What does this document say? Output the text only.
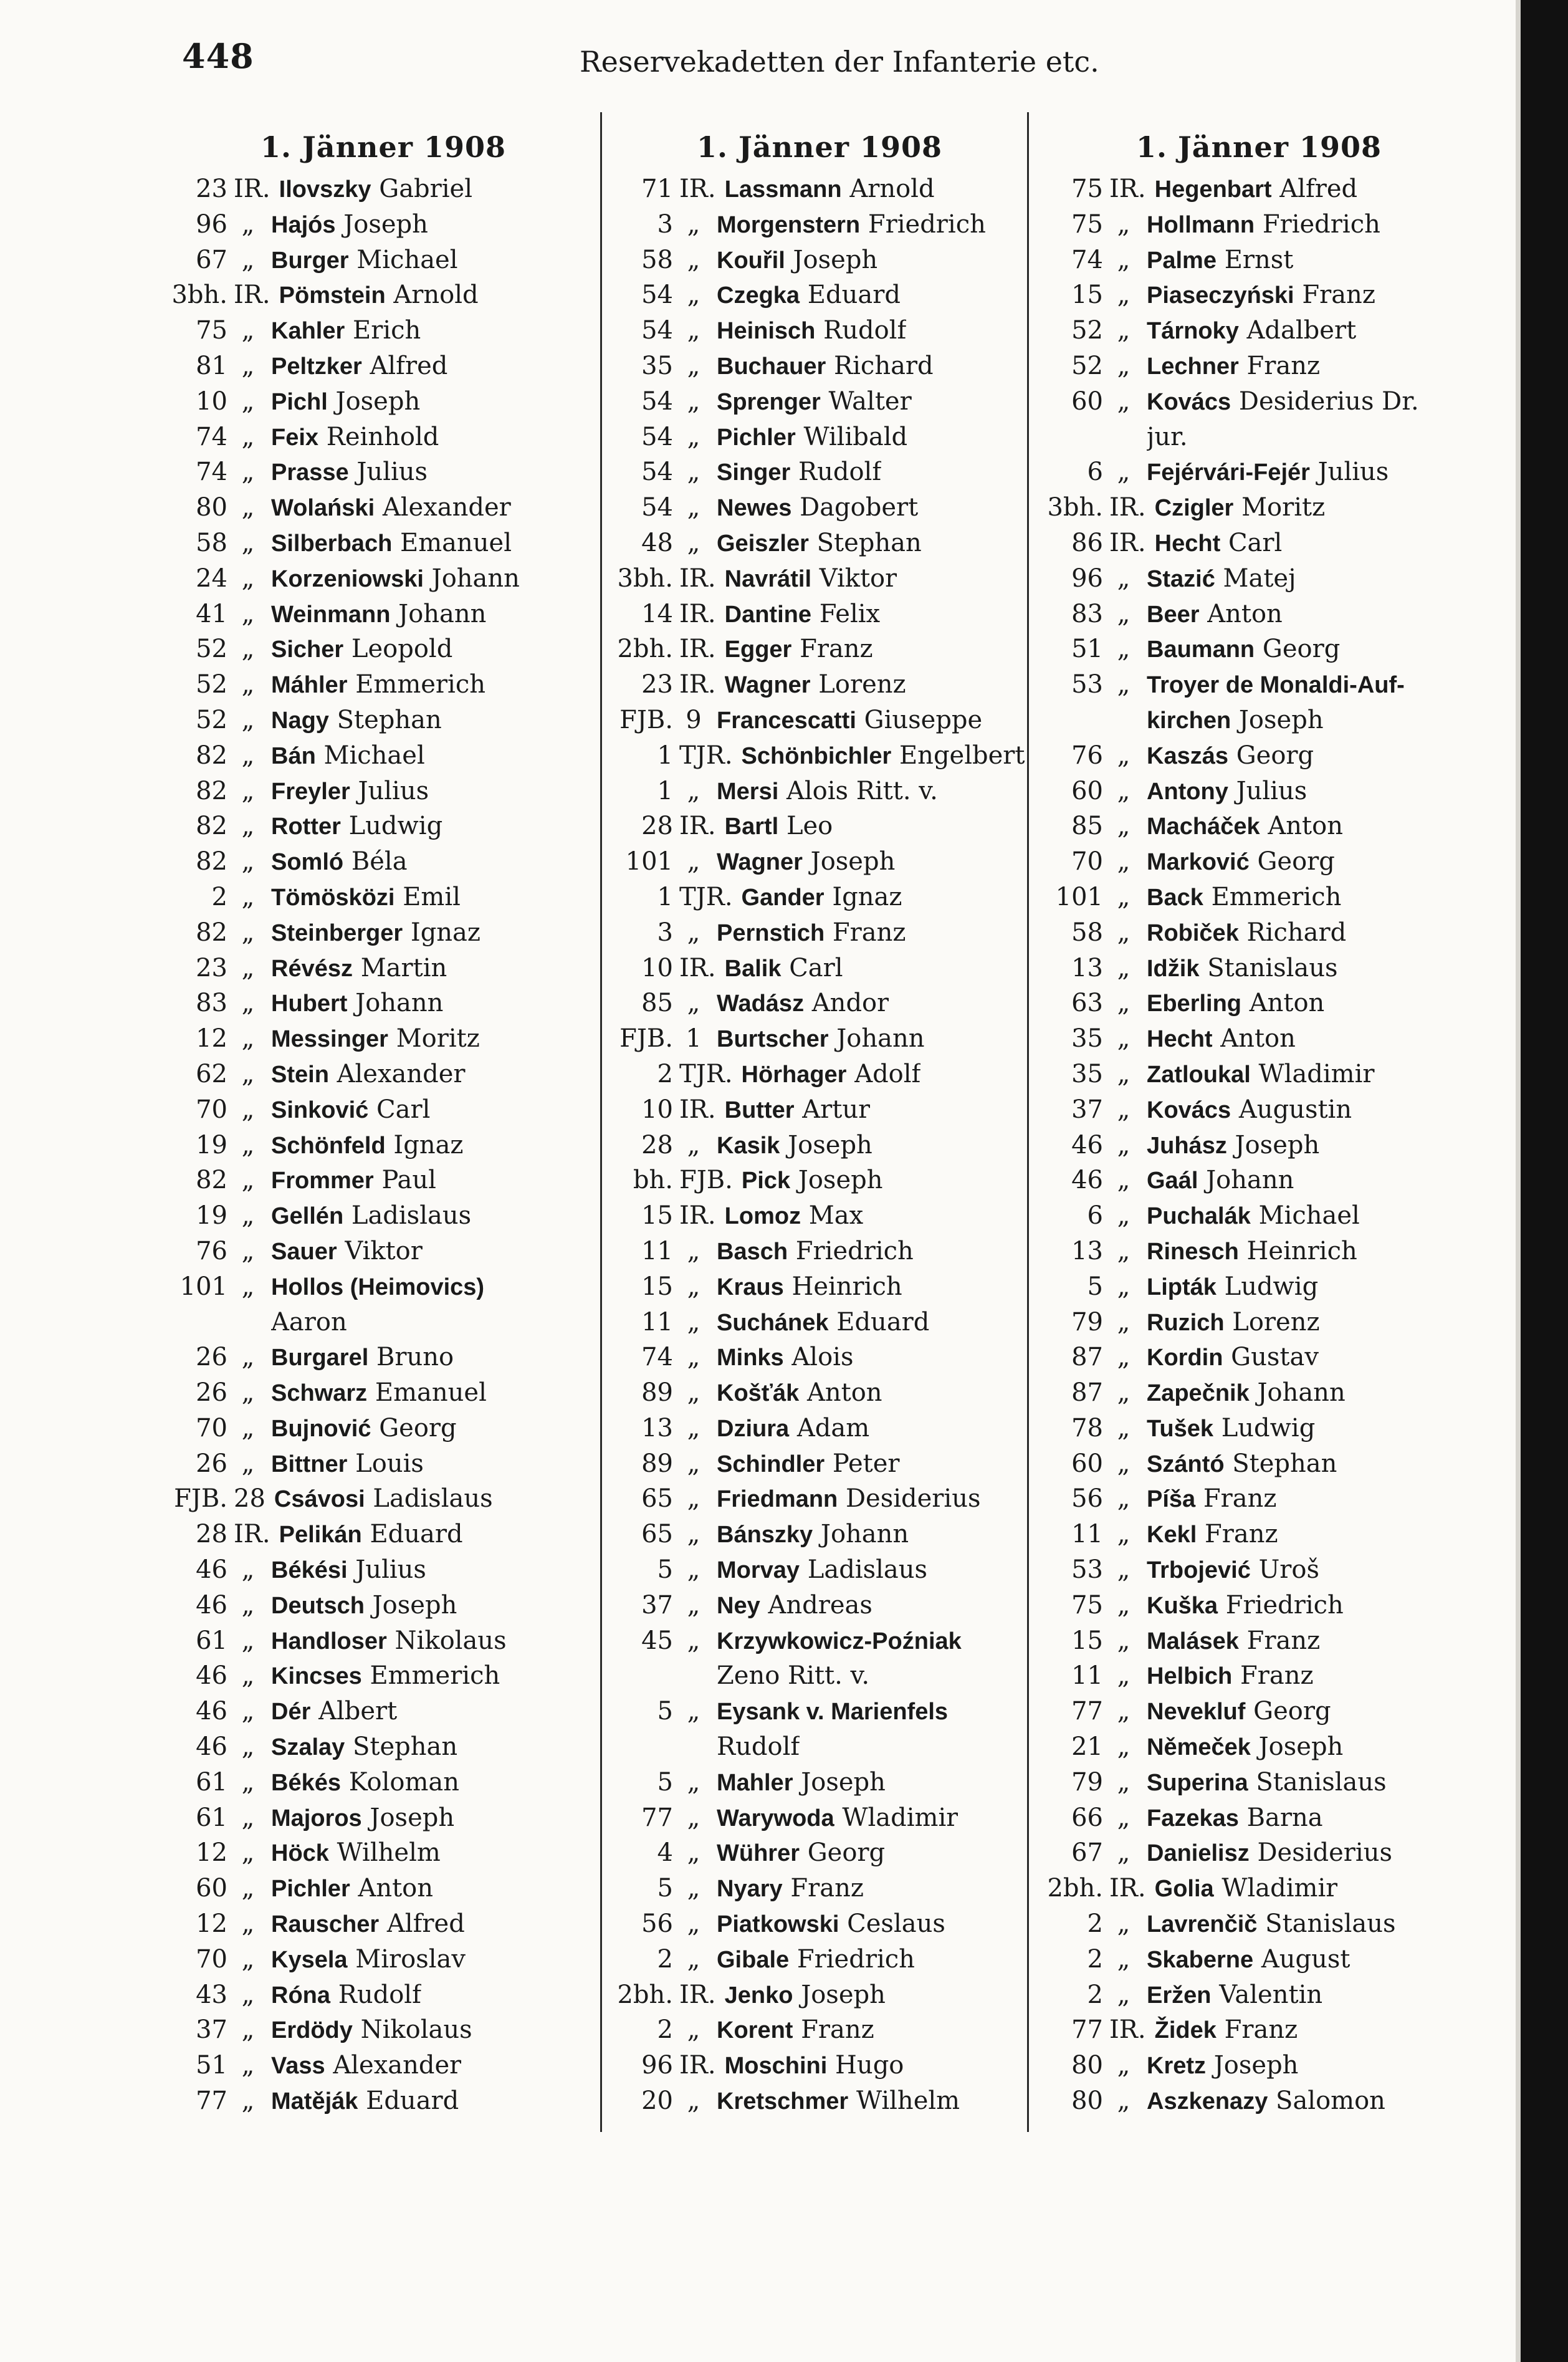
448	Reservekadetten der Infanterie etc.
1. Jänner 1908
23 IR. Ilovszky Gabriel
96 „ Hajós Joseph
67 „ Burger Michael
3bh. IR. Pömstein Arnold
75 „ Kahler Erich
81 „ Peltzker Alfred
10 „ Pichl Joseph
74 „ Feix Reinhold
74 „ Prasse Julius
80 „ Wolański Alexander
58 „ Silberbach Emanuel
24 „ Korzeniowski Johann
41 „ Weinmann Johann
52 „ Sicher Leopold
52 „ Máhler Emmerich
52 „ Nagy Stephan
82 „ Bán Michael
82 „ Freyler Julius
82 „ Rotter Ludwig
82 „ Somló Béla
2 „ Tömösközi Emil
82 „ Steinberger Ignaz
23 „ Révész Martin
83 „ Hubert Johann
12 „ Messinger Moritz
62 „ Stein Alexander
70 „ Sinković Carl
19 „ Schönfeld Ignaz
82 „ Frommer Paul
19 „ Gellén Ladislaus
76 „ Sauer Viktor
101 „ Hollos (Heimovics)
Aaron
26 „ Burgarel Bruno
26 „ Schwarz Emanuel
70 „ Bujnović Georg
26 „ Bittner Louis
FJB. 28 Csávosi Ladislaus
28 IR. Pelikán Eduard
46 „ Békési Julius
46 „ Deutsch Joseph
61 „ Handloser Nikolaus
46 „ Kincses Emmerich
46 „ Dér Albert
46 „ Szalay Stephan
61 „ Békés Koloman
61 „ Majoros Joseph
12 „ Höck Wilhelm
60 „ Pichler Anton
12 „ Rauscher Alfred
70 „ Kysela Miroslav
43 „ Róna Rudolf
37 „ Erdödy Nikolaus
51 „ Vass Alexander
77 „ Matěják Eduard
1. Jänner 1908
71 IR. Lassmann Arnold
3 „ Morgenstern Friedrich
58 „ Kouřil Joseph
54 „ Czegka Eduard
54 „ Heinisch Rudolf
35 „ Buchauer Richard
54 „ Sprenger Walter
54 „ Pichler Wilibald
54 „ Singer Rudolf
54 „ Newes Dagobert
48 „ Geiszler Stephan
3bh. IR. Navrátil Viktor
14 IR. Dantine Felix
2bh. IR. Egger Franz
23 IR. Wagner Lorenz
FJB. 9 Francescatti Giuseppe
1 TJR. Schönbichler Engelbert
1 „ Mersi Alois Ritt. v.
28 IR. Bartl Leo
101 „ Wagner Joseph
1 TJR. Gander Ignaz
3 „ Pernstich Franz
10 IR. Balik Carl
85 „ Wadász Andor
FJB. 1 Burtscher Johann
2 TJR. Hörhager Adolf
10 IR. Butter Artur
28 „ Kasik Joseph
bh. FJB. Pick Joseph
15 IR. Lomoz Max
11 „ Basch Friedrich
15 „ Kraus Heinrich
11 „ Suchánek Eduard
74 „ Minks Alois
89 „ Košťák Anton
13 „ Dziura Adam
89 „ Schindler Peter
65 „ Friedmann Desiderius
65 „ Bánszky Johann
5 „ Morvay Ladislaus
37 „ Ney Andreas
45 „ Krzywkowicz-Poźniak
Zeno Ritt. v.
5 „ Eysank v. Marienfels
Rudolf
5 „ Mahler Joseph
77 „ Warywoda Wladimir
4 „ Wührer Georg
5 „ Nyary Franz
56 „ Piatkowski Ceslaus
2 „ Gibale Friedrich
2bh. IR. Jenko Joseph
2 „ Korent Franz
96 IR. Moschini Hugo
20 „ Kretschmer Wilhelm
1. Jänner 1908
75 IR. Hegenbart Alfred
75 „ Hollmann Friedrich
74 „ Palme Ernst
15 „ Piaseczyński Franz
52 „ Tárnoky Adalbert
52 „ Lechner Franz
60 „ Kovács Desiderius Dr.
jur.
6 „ Fejérvári-Fejér Julius
3bh. IR. Czigler Moritz
86 IR. Hecht Carl
96 „ Stazić Matej
83 „ Beer Anton
51 „ Baumann Georg
53 „ Troyer de Monaldi-Auf-
kirchen Joseph
76 „ Kaszás Georg
60 „ Antony Julius
85 „ Macháček Anton
70 „ Marković Georg
101 „ Back Emmerich
58 „ Robiček Richard
13 „ Idžik Stanislaus
63 „ Eberling Anton
35 „ Hecht Anton
35 „ Zatloukal Wladimir
37 „ Kovács Augustin
46 „ Juhász Joseph
46 „ Gaál Johann
6 „ Puchalák Michael
13 „ Rinesch Heinrich
5 „ Lipták Ludwig
79 „ Ruzich Lorenz
87 „ Kordin Gustav
87 „ Zapečnik Johann
78 „ Tušek Ludwig
60 „ Szántó Stephan
56 „ Píša Franz
11 „ Kekl Franz
53 „ Trbojević Uroš
75 „ Kuška Friedrich
15 „ Malásek Franz
11 „ Helbich Franz
77 „ Nevekluf Georg
21 „ Němeček Joseph
79 „ Superina Stanislaus
66 „ Fazekas Barna
67 „ Danielisz Desiderius
2bh. IR. Golia Wladimir
2 „ Lavrenčič Stanislaus
2 „ Skaberne August
2 „ Eržen Valentin
77 IR. Židek Franz
80 „ Kretz Joseph
80 „ Aszkenazy Salomon
